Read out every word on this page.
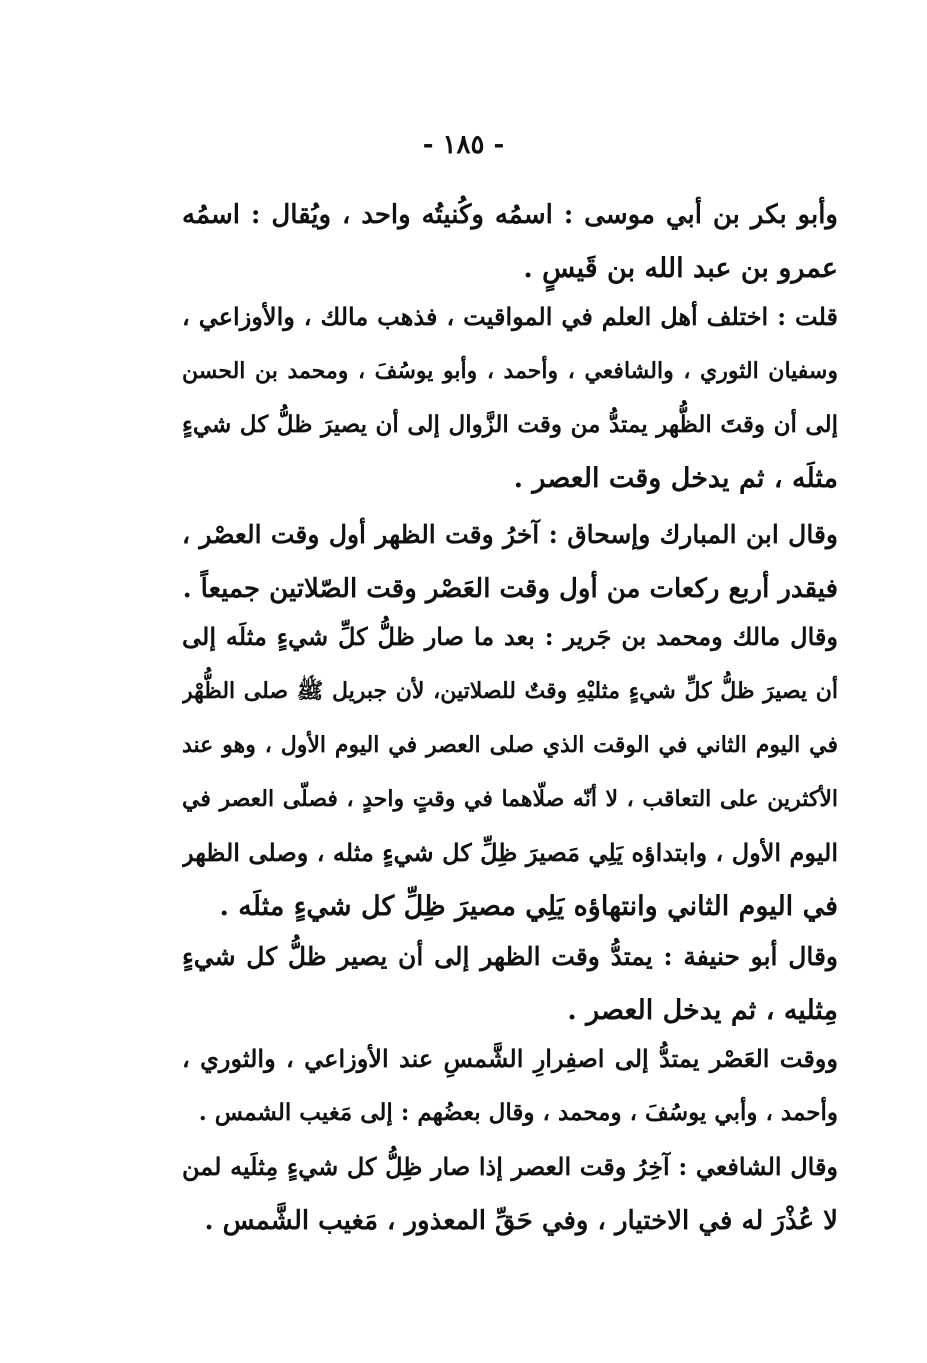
- ١٨٥ -
وأبو بكر بن أبي موسى : اسمُه وكُنيتُه واحد ، ويُقال : اسمُه
عمرو بن عبد الله بن قَيسٍ .
قلت : اختلف أهل العلم في المواقيت ، فذهب مالك ، والأوزاعي ،
وسفيان الثوري ، والشافعي ، وأحمد ، وأبو يوسُفَ ، ومحمد بن الحسن
إلى أن وقتَ الظُّهر يمتدُّ من وقت الزَّوال إلى أن يصيرَ ظلُّ كل شيءٍ
مثلَه ، ثم يدخل وقت العصر .
وقال ابن المبارك وإسحاق : آخرُ وقت الظهر أول وقت العصْر ،
فيقدر أربع ركعات من أول وقت العَصْر وقت الصّلاتين جميعاً .
وقال مالك ومحمد بن جَرير : بعد ما صار ظلُّ كلِّ شيءٍ مثلَه إلى
أن يصيرَ ظلُّ كلِّ شيءٍ مثليْهِ وقتٌ للصلاتين، لأن جبريل ﷺ صلى الظُّهْر
في اليوم الثاني في الوقت الذي صلى العصر في اليوم الأول ، وهو عند
الأكثرين على التعاقب ، لا أنّه صلّاهما في وقتٍ واحدٍ ، فصلّى العصر في
اليوم الأول ، وابتداؤه يَلِي مَصيرَ ظِلِّ كل شيءٍ مثله ، وصلى الظهر
في اليوم الثاني وانتهاؤه يَلِي مصيرَ ظِلِّ كل شيءٍ مثلَه .
وقال أبو حنيفة : يمتدُّ وقت الظهر إلى أن يصير ظلُّ كل شيءٍ
مِثليه ، ثم يدخل العصر .
ووقت العَصْر يمتدُّ إلى اصفِرارِ الشَّمسِ عند الأوزاعي ، والثوري ،
وأحمد ، وأبي يوسُفَ ، ومحمد ، وقال بعضُهم : إلى مَغيب الشمس .
وقال الشافعي : آخِرُ وقت العصر إذا صار ظِلُّ كل شيءٍ مِثلَيه لمن
لا عُذْرَ له في الاختيار ، وفي حَقِّ المعذور ، مَغيب الشَّمس .
